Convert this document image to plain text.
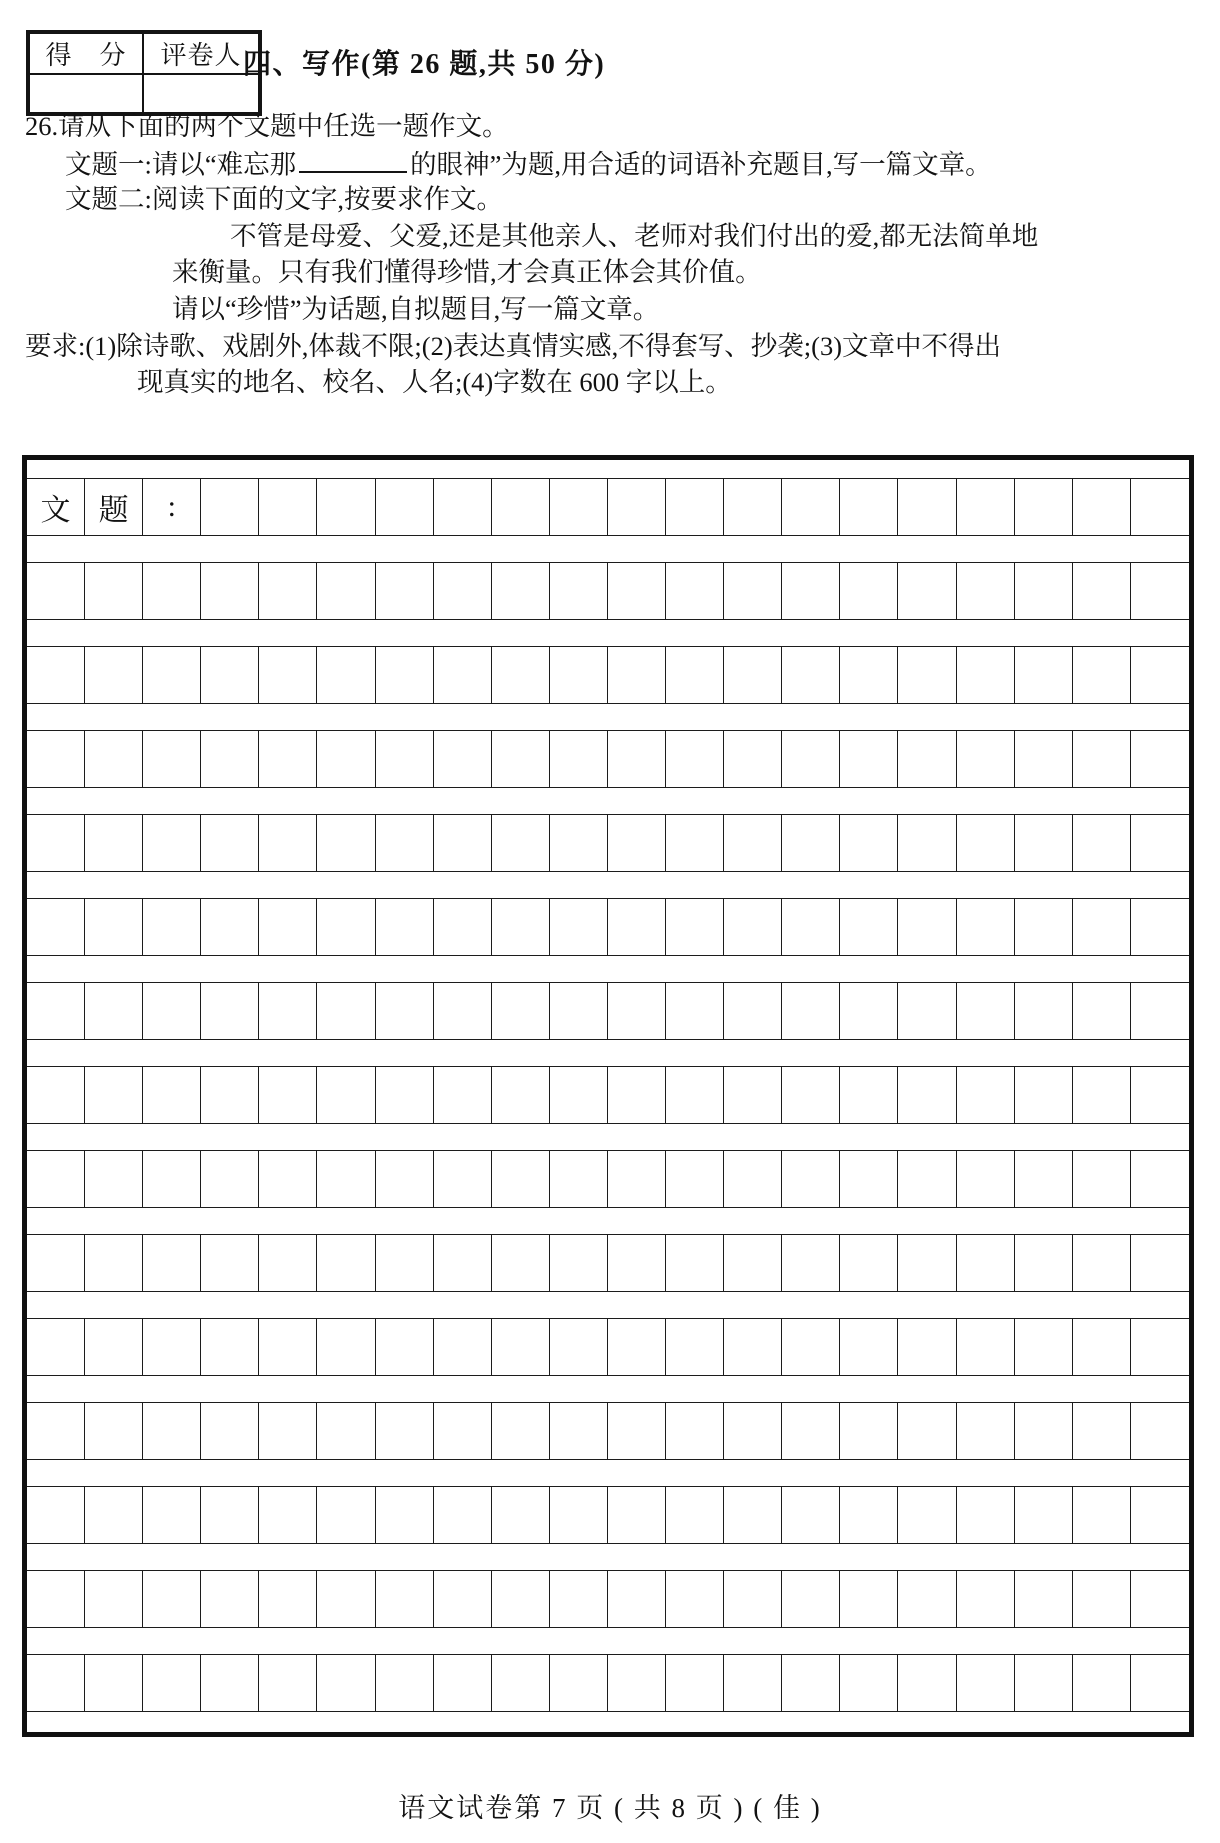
得　分	评卷人 四、写作(第 26 题,共 50 分)
26.请从下面的两个文题中任选一题作文。
文题一:请以“难忘那	的眼神”为题,用合适的词语补充题目,写一篇文章。
文题二:阅读下面的文字,按要求作文。
不管是母爱、父爱,还是其他亲人、老师对我们付出的爱,都无法简单地
来衡量。只有我们懂得珍惜,才会真正体会其价值。
请以“珍惜”为话题,自拟题目,写一篇文章。
要求:(1)除诗歌、戏剧外,体裁不限;(2)表达真情实感,不得套写、抄袭;(3)文章中不得出
现真实的地名、校名、人名;(4)字数在 600 字以上。
文 题	:
语文试卷第 7 页 ( 共 8 页 ) ( 佳 )
